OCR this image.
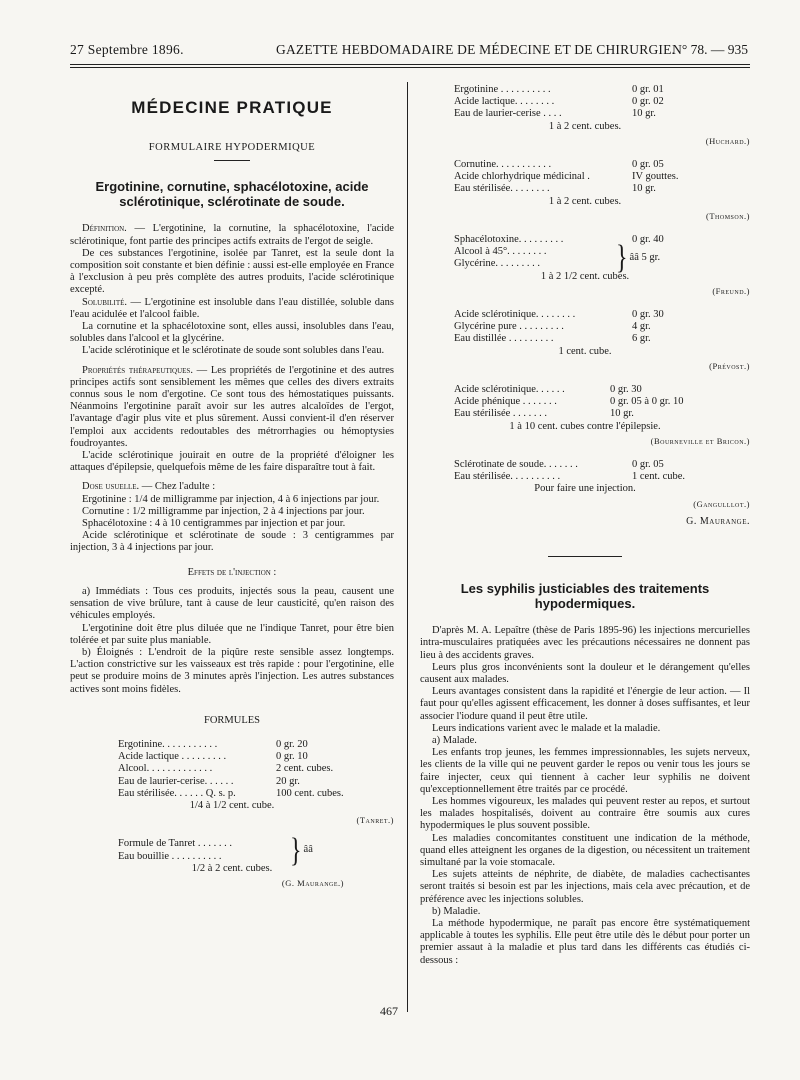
27 Septembre 1896.	GAZETTE HEBDOMADAIRE DE MÉDECINE ET DE CHIRURGIE.
N° 78. — 935
MÉDECINE PRATIQUE
FORMULAIRE HYPODERMIQUE
Ergotinine, cornutine, sphacélotoxine, acide sclérotinique, sclérotinate de soude.

Définition. — L'ergotinine, la cornutine, la sphacélotoxine, l'acide sclérotinique, font partie des principes actifs extraits de l'ergot de seigle.

De ces substances l'ergotinine, isolée par Tanret, est la seule dont la composition soit constante et bien définie : aussi est-elle employée en France à l'exclusion à peu près complète des autres produits, l'acide sclérotinique excepté.

Solubilité. — L'ergotinine est insoluble dans l'eau distillée, soluble dans l'eau acidulée et l'alcool faible.

La cornutine et la sphacélotoxine sont, elles aussi, insolubles dans l'eau, solubles dans l'alcool et la glycérine.

L'acide sclérotinique et le sclérotinate de soude sont solubles dans l'eau.

Propriétés thérapeutiques. — Les propriétés de l'ergotinine et des autres principes actifs sont sensiblement les mêmes que celles des divers extraits connus sous le nom d'ergotine. Ce sont tous des hémostatiques puissants. Néanmoins l'ergotinine paraît avoir sur les autres alcaloïdes de l'ergot, l'avantage d'agir plus vite et plus sûrement. Aussi convient-il d'en réserver l'emploi aux accidents redoutables des métrorrhagies ou hémoptysies foudroyantes.

L'acide sclérotinique jouirait en outre de la propriété d'éloigner les attaques d'épilepsie, quelquefois même de les faire disparaître tout à fait.

Dose usuelle. — Chez l'adulte :

Ergotinine : 1/4 de milligramme par injection, 4 à 6 injections par jour.

Cornutine : 1/2 milligramme par injection, 2 à 4 injections par jour.

Sphacélotoxine : 4 à 10 centigrammes par injection et par jour.

Acide sclérotinique et sclérotinate de soude : 3 centigrammes par injection, 3 à 4 injections par jour.

Effets de l'injection :

a) Immédiats : Tous ces produits, injectés sous la peau, causent une sensation de vive brûlure, tant à cause de leur causticité, qu'en raison des véhicules employés.

L'ergotinine doit être plus diluée que ne l'indique Tanret, pour être bien tolérée et par suite plus maniable.

b) Éloignés : L'endroit de la piqûre reste sensible assez longtemps. L'action constrictive sur les vaisseaux est très rapide : pour l'ergotinine, elle peut se produire moins de 3 minutes après l'injection. Les autres substances actives sont moins fidèles.

FORMULES

Ergotinine. . . . . . . . . . .	0 gr. 20
Acide lactique . . . . . . . . .	0 gr. 10
Alcool. . . . . . . . . . . . .	2 cent. cubes.
Eau de laurier-cerise. . . . . .	20 gr.
Eau stérilisée. . . . . . Q. s. p.	100 cent. cubes.

1/4 à 1/2 cent. cube.

(Tanret.)
Formule de Tanret . . . . . . .
Eau bouillie . . . . . . . . . .	} ââ

1/2 à 2 cent. cubes.

(G. Maurange.)
467
Ergotinine . . . . . . . . . .	0 gr. 01
Acide lactique. . . . . . . .	0 gr. 02
Eau de laurier-cerise . . . .	10 gr.

1 à 2 cent. cubes.

(Huchard.)
Cornutine. . . . . . . . . . .	0 gr. 05
Acide chlorhydrique médicinal .	IV gouttes.
Eau stérilisée. . . . . . . .	10 gr.

1 à 2 cent. cubes.

(Thomson.)
Sphacélotoxine. . . . . . . . .	0 gr. 40
Alcool à 45°. . . . . . . .
Glycérine. . . . . . . . .	} ââ 5 gr.

1 à 2 1/2 cent. cubes.

(Freund.)
Acide sclérotinique. . . . . . . .	0 gr. 30
Glycérine pure . . . . . . . . .	4 gr.
Eau distillée . . . . . . . . .	6 gr.

1 cent. cube.

(Prévost.)
Acide sclérotinique. . . . . .	0 gr. 30
Acide phénique . . . . . . .	0 gr. 05 à 0 gr. 10
Eau stérilisée . . . . . . .	10 gr.

1 à 10 cent. cubes contre l'épilepsie.

(Bourneville et Bricon.)
Sclérotinate de soude. . . . . . .	0 gr. 05
Eau stérilisée. . . . . . . . . .	1 cent. cube.

Pour faire une injection.

(Gangulllot.)
G. Maurange.
Les syphilis justiciables des traitements hypodermiques.

D'après M. A. Lepaître (thèse de Paris 1895-96) les injections mercurielles intra-musculaires pratiquées avec les précautions nécessaires ne donnent pas lieu à des accidents graves.

Leurs plus gros inconvénients sont la douleur et le dérangement qu'elles causent aux malades.

Leurs avantages consistent dans la rapidité et l'énergie de leur action. — Il faut pour qu'elles agissent efficacement, les donner à doses suffisantes, et leur associer l'iodure quand il peut être utile.

Leurs indications varient avec le malade et la maladie.

a) Malade.

Les enfants trop jeunes, les femmes impressionnables, les sujets nerveux, les clients de la ville qui ne peuvent garder le repos ou venir tous les jours se faire injecter, ceux qui tiennent à cacher leur syphilis ne doivent qu'exceptionnellement être traités par ce procédé.

Les hommes vigoureux, les malades qui peuvent rester au repos, et surtout les malades hospitalisés, doivent au contraire être soumis aux cures hypodermiques le plus souvent possible.

Les maladies concomitantes constituent une indication de la méthode, quand elles atteignent les organes de la digestion, ou nécessitent un traitement simultané par la voie stomacale.

Les sujets atteints de néphrite, de diabète, de maladies cachectisantes seront traités si besoin est par les injections, mais cela avec précaution, et de préférence avec les injections solubles.

b) Maladie.

La méthode hypodermique, ne paraît pas encore être systématiquement applicable à toutes les syphilis. Elle peut être utile dès le début pour porter un premier assaut à la maladie et plus tard dans les différents cas étudiés ci-dessous :
